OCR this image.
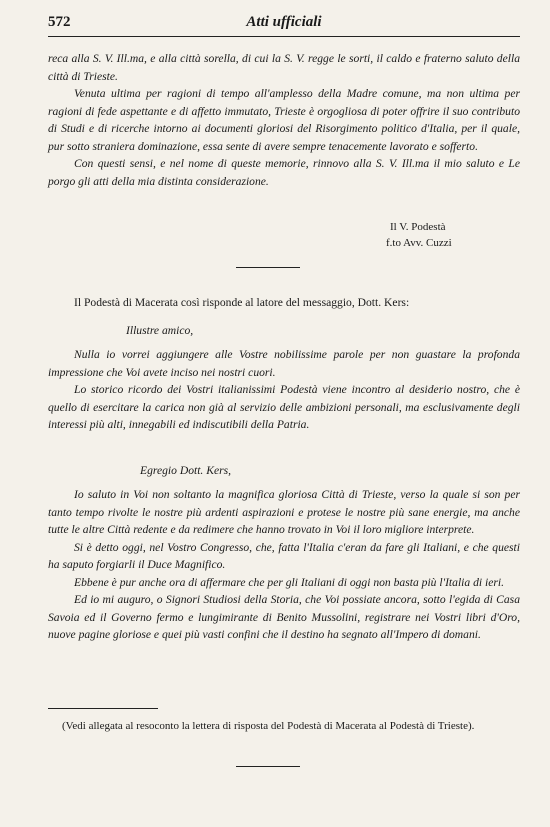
572	Atti ufficiali

reca alla S. V. Ill.ma, e alla città sorella, di cui la S. V. regge le sorti, il caldo e fraterno saluto della città di Trieste.

Venuta ultima per ragioni di tempo all'amplesso della Madre comune, ma non ultima per ragioni di fede aspettante e di affetto immutato, Trieste è orgogliosa di poter offrire il suo contributo di Studi e di ricerche intorno ai documenti gloriosi del Risorgimento politico d'Italia, per il quale, pur sotto straniera dominazione, essa sente di avere sempre tenacemente lavorato e sofferto.

Con questi sensi, e nel nome di queste memorie, rinnovo alla S. V. Ill.ma il mio saluto e Le porgo gli atti della mia distinta considerazione.

Il V. Podestà
f.to Avv. Cuzzi

Il Podestà di Macerata così risponde al latore del messaggio, Dott. Kers:

Illustre amico,

Nulla io vorrei aggiungere alle Vostre nobilissime parole per non guastare la profonda impressione che Voi avete inciso nei nostri cuori.

Lo storico ricordo dei Vostri italianissimi Podestà viene incontro al desiderio nostro, che è quello di esercitare la carica non già al servizio delle ambizioni personali, ma esclusivamente degli interessi più alti, innegabili ed indiscutibili della Patria.

Egregio Dott. Kers,

Io saluto in Voi non soltanto la magnifica gloriosa Città di Trieste, verso la quale si son per tanto tempo rivolte le nostre più ardenti aspirazioni e protese le nostre più sane energie, ma anche tutte le altre Città redente e da redimere che hanno trovato in Voi il loro migliore interprete.

Si è detto oggi, nel Vostro Congresso, che, fatta l'Italia c'eran da fare gli Italiani, e che questi ha saputo forgiarli il Duce Magnifico.

Ebbene è pur anche ora di affermare che per gli Italiani di oggi non basta più l'Italia di ieri.

Ed io mi auguro, o Signori Studiosi della Storia, che Voi possiate ancora, sotto l'egida di Casa Savoia ed il Governo fermo e lungimirante di Benito Mussolini, registrare nei Vostri libri d'Oro, nuove pagine gloriose e quei più vasti confini che il destino ha segnato all'Impero di domani.

(Vedi allegata al resoconto la lettera di risposta del Podestà di Macerata al Podestà di Trieste).
